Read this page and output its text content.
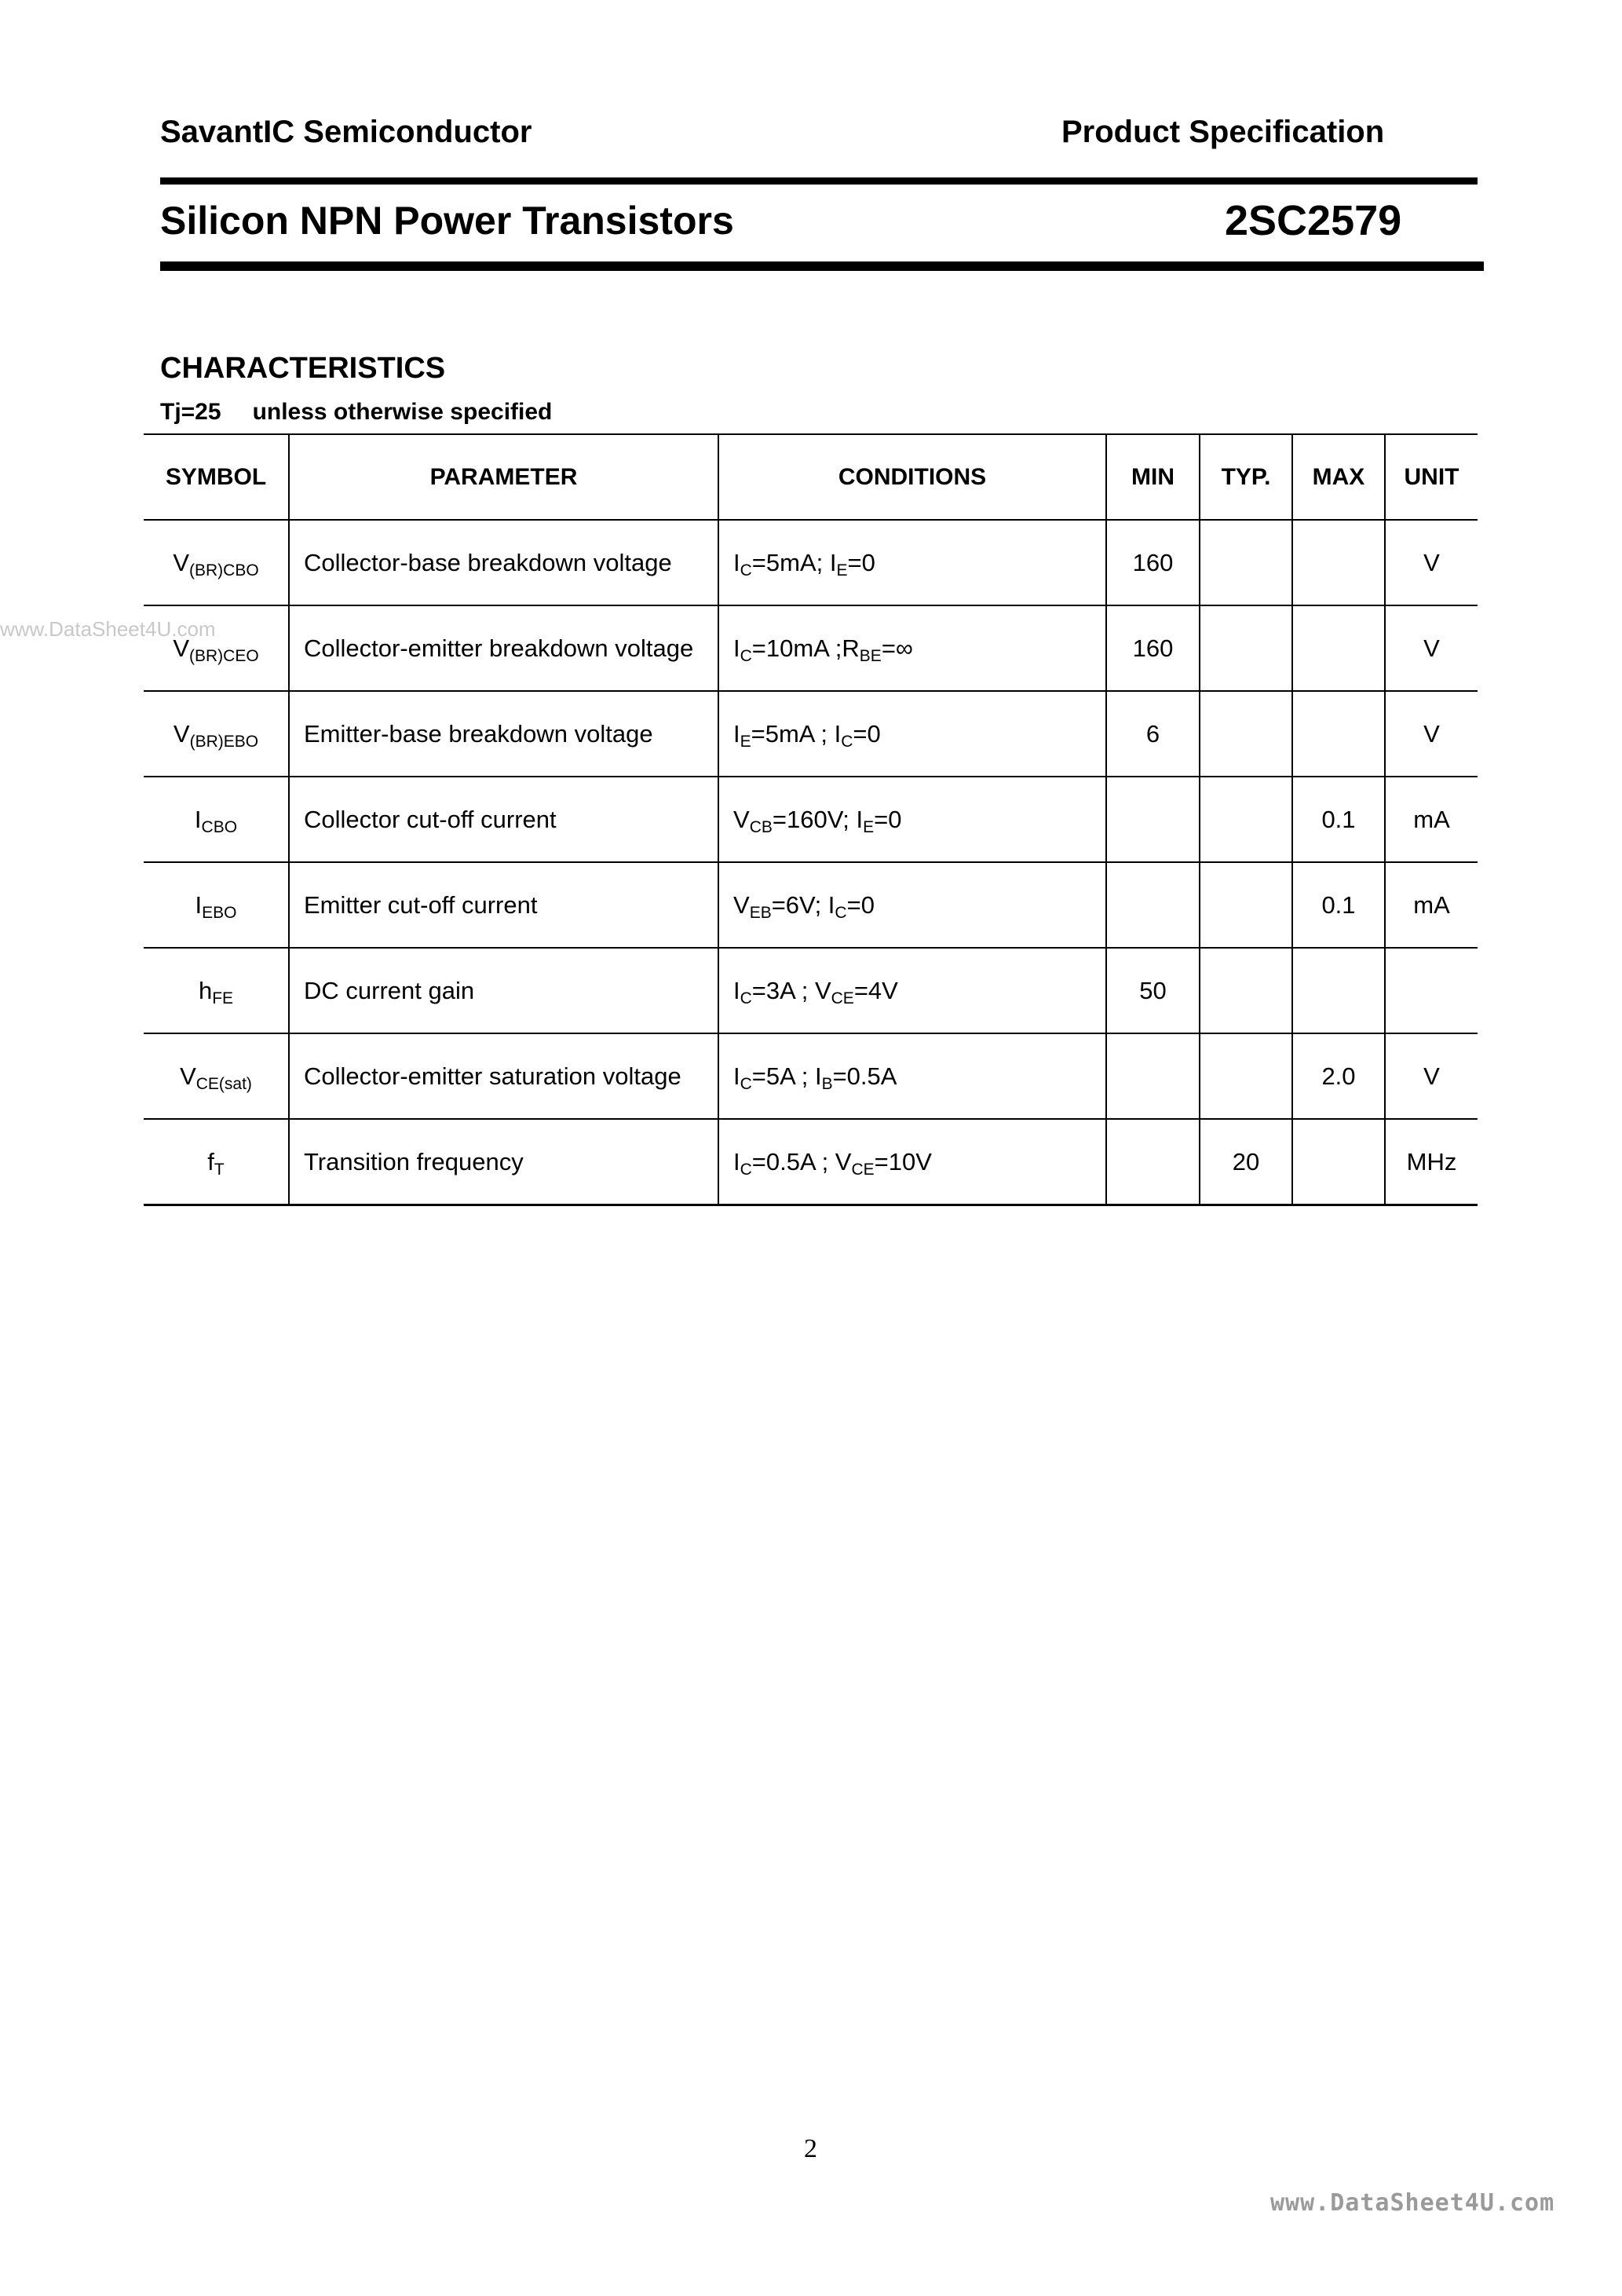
SavantIC Semiconductor	Product Specification
Silicon NPN Power Transistors	2SC2579
CHARACTERISTICS
Tj=25 unless otherwise specified
www.DataSheet4U.com
SYMBOL	PARAMETER	CONDITIONS	MIN	TYP.	MAX	UNIT
$V_{(BR)CBO}$	Collector-base breakdown voltage	$I_C=5mA$; $I_E=0$	160			V
$V_{(BR)CEO}$	Collector-emitter breakdown voltage	$I_C=10mA$ $;R_{BE}=\infty$	160			V
$V_{(BR)EBO}$	Emitter-base breakdown voltage	$I_E=5mA$ ; $I_C=0$	6			V
$I_{CBO}$	Collector cut-off current	$V_{CB}=160V$; $I_E=0$			0.1	mA
$I_{EBO}$	Emitter cut-off current	$V_{EB}=6V$; $I_C=0$			0.1	mA
$h_{FE}$	DC current gain	$I_C=3A$ ; $V_{CE}=4V$	50			
$V_{CE(sat)}$	Collector-emitter saturation voltage	$I_C=5A$ ; $I_B=0.5A$			2.0	V
$f_T$	Transition frequency	$I_C=0.5A$ ; $V_{CE}=10V$		20		MHz
2
www.DataSheet4U.com
